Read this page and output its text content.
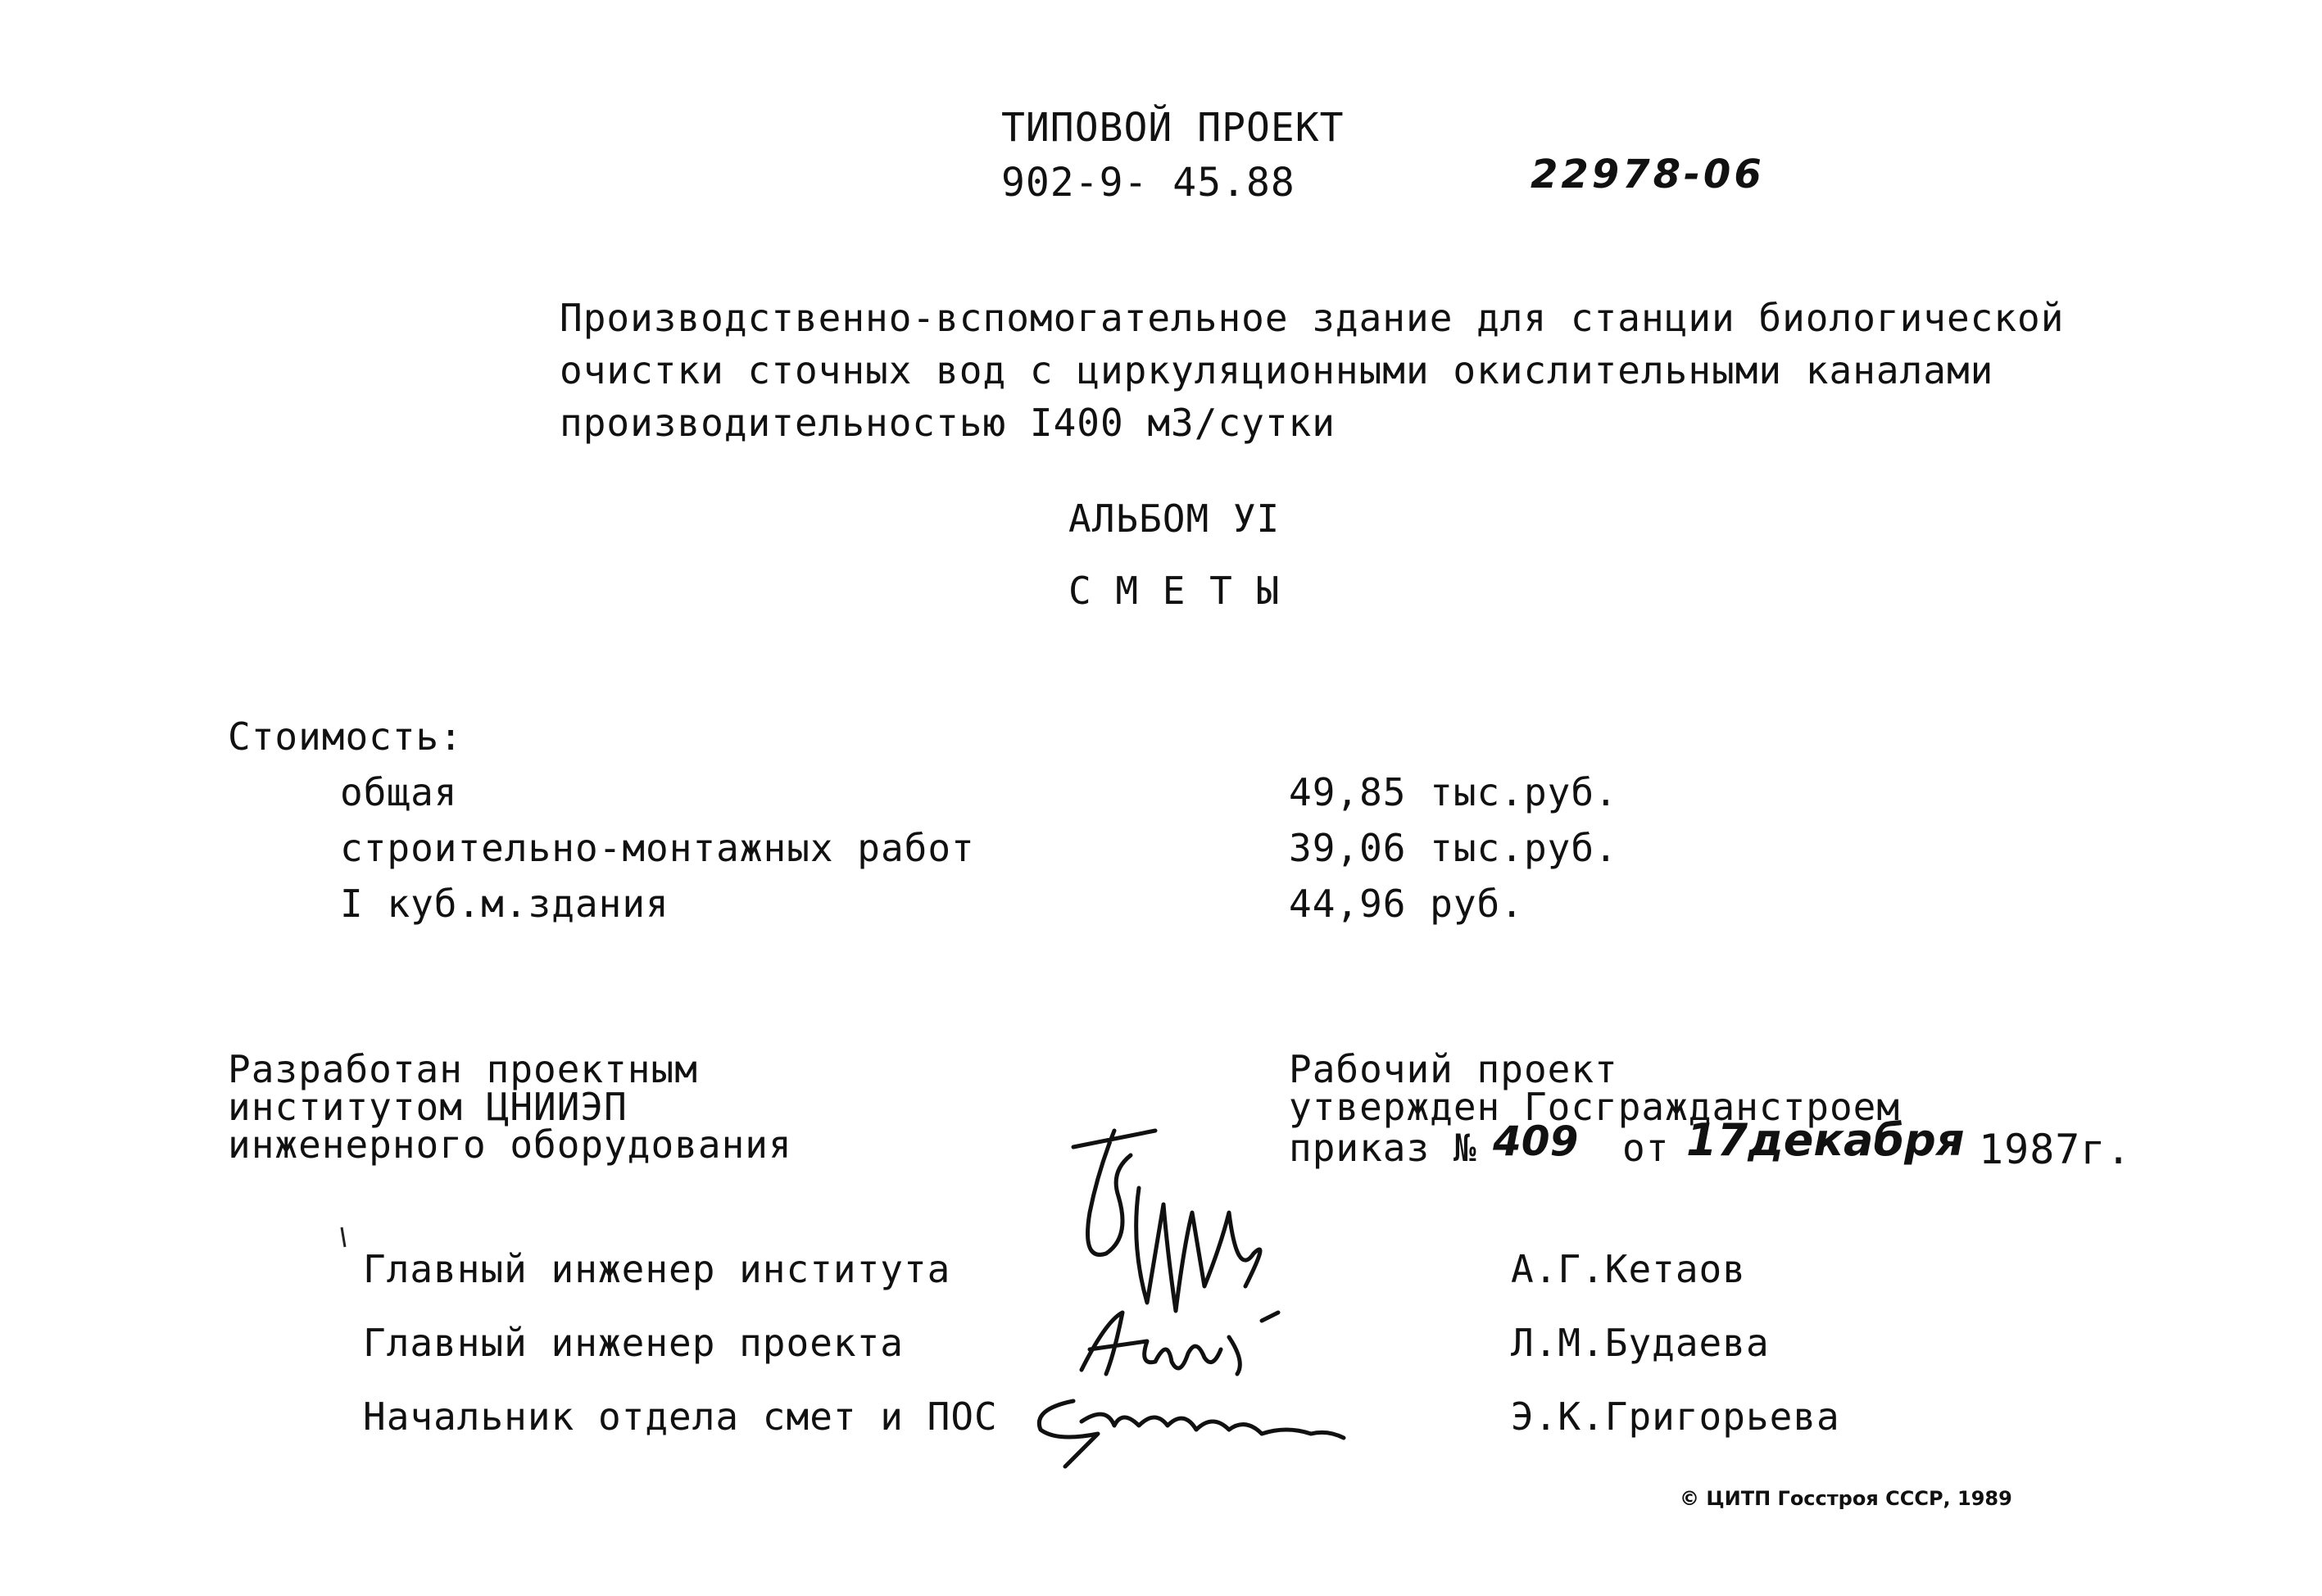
ТИПОВОЙ ПРОЕКТ
902-9- 45.88	22978-06

Производственно-вспомогательное здание для станции биологической

очистки сточных вод с циркуляционными окислительными каналами

производительностью I400 м3/сутки

АЛЬБОМ УI
С М Е Т Ы
Стоимость:
общая	49,85 тыс.руб.
строительно-монтажных работ	39,06 тыс.руб.
I куб.м.здания	44,96 руб.

Разработан проектным

институтом ЦНИИЭП

инженерного оборудования

Рабочий проект

утвержден Госгражданстроем

приказ № 409 от 17декабря 1987г.
Главный инженер института	А.Г.Кетаов
Главный инженер проекта	Л.М.Будаева
Начальник отдела смет и ПОС	Э.К.Григорьева
© ЦИТП Госстроя СССР, 1989
